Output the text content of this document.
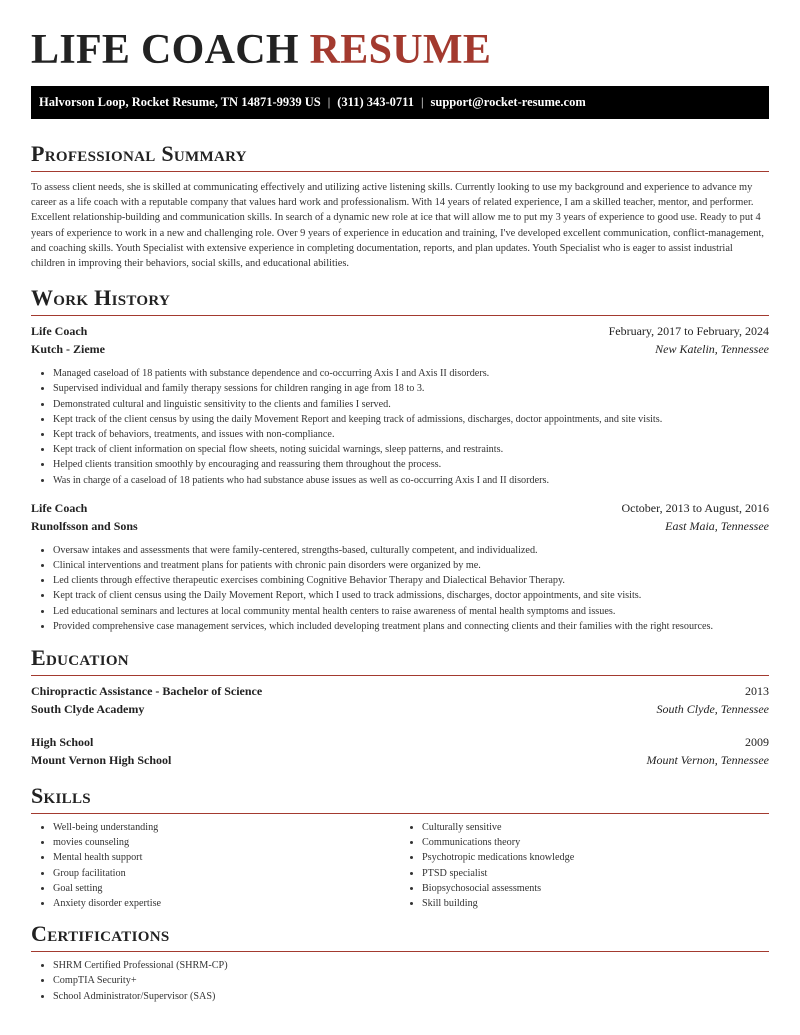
LIFE COACH RESUME
Halvorson Loop, Rocket Resume, TN 14871-9939 US | (311) 343-0711 | support@rocket-resume.com
Professional Summary

To assess client needs, she is skilled at communicating effectively and utilizing active listening skills. Currently looking to use my background and experience to advance my career as a life coach with a reputable company that values hard work and professionalism. With 14 years of related experience, I am a skilled teacher, mentor, and performer. Excellent relationship-building and communication skills. In search of a dynamic new role at ice that will allow me to put my 3 years of experience to good use. Ready to put 4 years of experience to work in a new and challenging role. Over 9 years of experience in education and training, I've developed excellent communication, conflict-management, and coaching skills. Youth Specialist with extensive experience in completing documentation, reports, and plan updates. Youth Specialist who is eager to assist industrial children in improving their behaviors, social skills, and educational abilities.

Work History
Life Coach	February, 2017 to February, 2024
Kutch - Zieme	New Katelin, Tennessee
• Managed caseload of 18 patients with substance dependence and co-occurring Axis I and Axis II disorders.
• Supervised individual and family therapy sessions for children ranging in age from 18 to 3.
• Demonstrated cultural and linguistic sensitivity to the clients and families I served.
• Kept track of the client census by using the daily Movement Report and keeping track of admissions, discharges, doctor appointments, and site visits.
• Kept track of behaviors, treatments, and issues with non-compliance.
• Kept track of client information on special flow sheets, noting suicidal warnings, sleep patterns, and restraints.
• Helped clients transition smoothly by encouraging and reassuring them throughout the process.
• Was in charge of a caseload of 18 patients who had substance abuse issues as well as co-occurring Axis I and II disorders.
Life Coach	October, 2013 to August, 2016
Runolfsson and Sons	East Maia, Tennessee
• Oversaw intakes and assessments that were family-centered, strengths-based, culturally competent, and individualized.
• Clinical interventions and treatment plans for patients with chronic pain disorders were organized by me.
• Led clients through effective therapeutic exercises combining Cognitive Behavior Therapy and Dialectical Behavior Therapy.
• Kept track of client census using the Daily Movement Report, which I used to track admissions, discharges, doctor appointments, and site visits.
• Led educational seminars and lectures at local community mental health centers to raise awareness of mental health symptoms and issues.
• Provided comprehensive case management services, which included developing treatment plans and connecting clients and their families with the right resources.
Education
Chiropractic Assistance - Bachelor of Science	2013
South Clyde Academy	South Clyde, Tennessee
High School	2009
Mount Vernon High School	Mount Vernon, Tennessee
Skills
• Well-being understanding
• movies counseling
• Mental health support
• Group facilitation
• Goal setting
• Anxiety disorder expertise
• Culturally sensitive
• Communications theory
• Psychotropic medications knowledge
• PTSD specialist
• Biopsychosocial assessments
• Skill building
Certifications
• SHRM Certified Professional (SHRM-CP)
• CompTIA Security+
• School Administrator/Supervisor (SAS)
